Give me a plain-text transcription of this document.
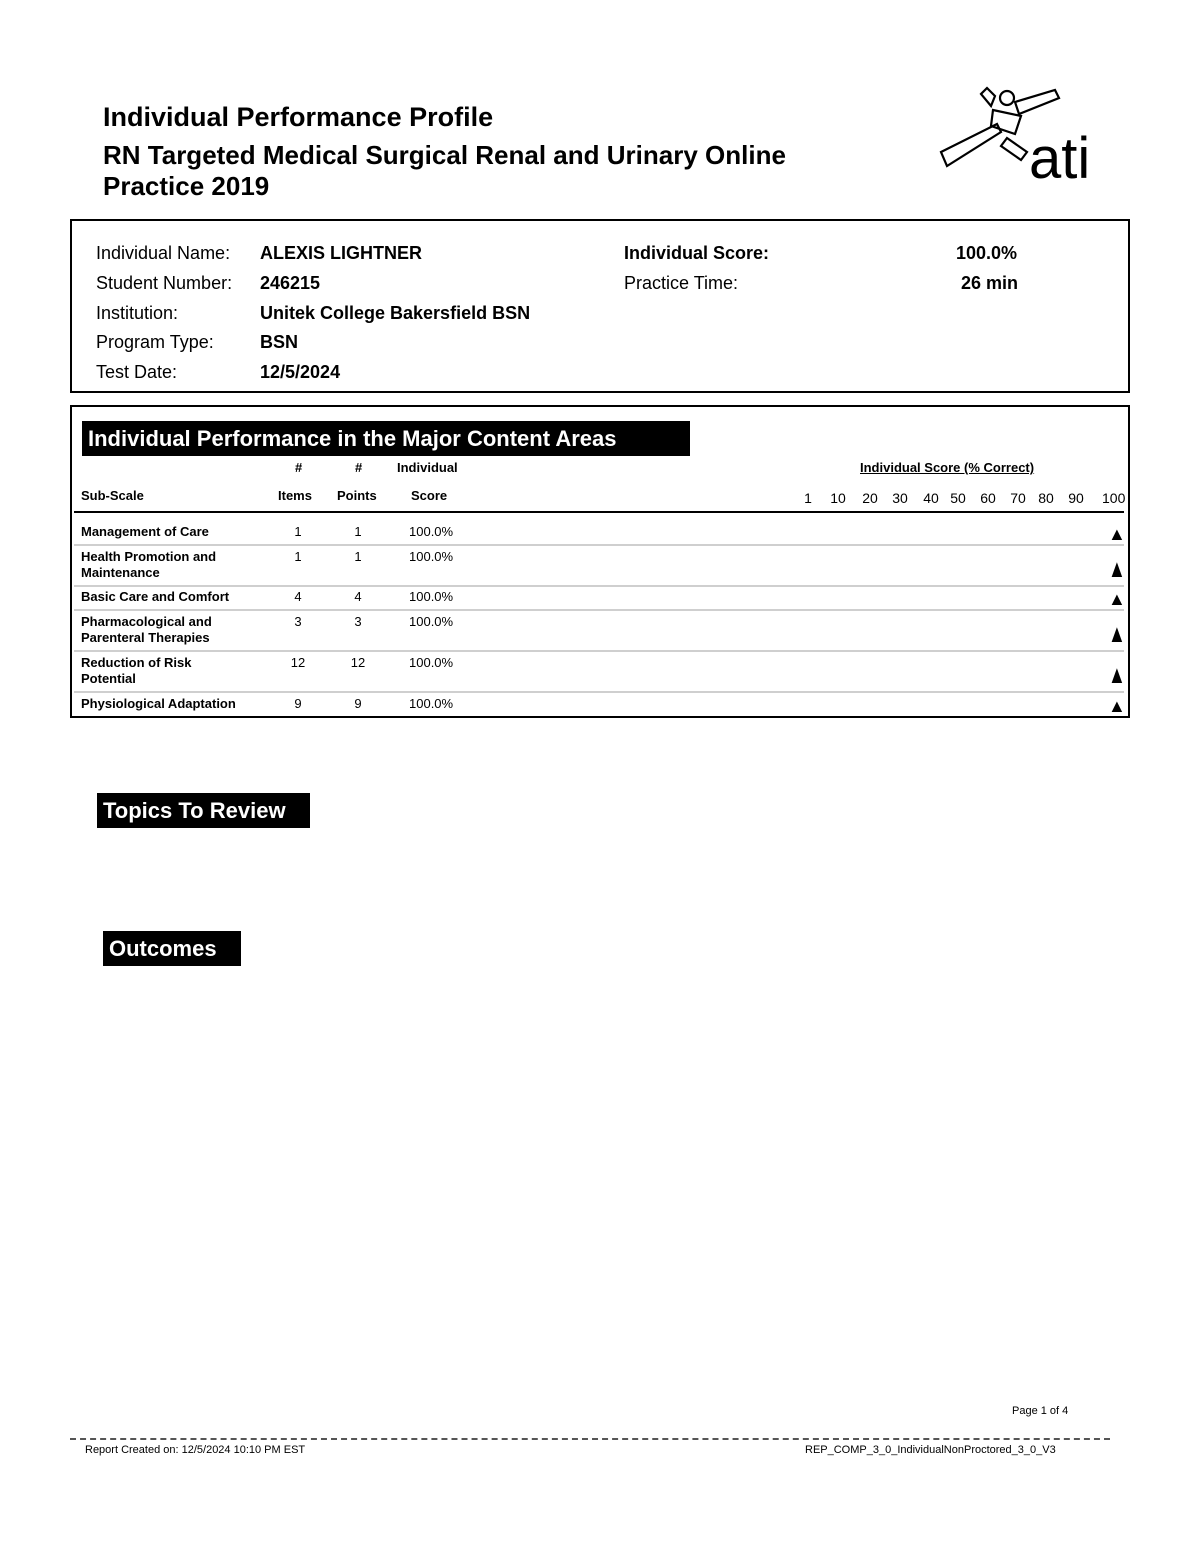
Individual Performance Profile
RN Targeted Medical Surgical Renal and Urinary Online Practice 2019	ati
Individual Name: ALEXIS LIGHTNER
Student Number: 246215
Institution:	Unitek College Bakersfield BSN
Program Type:	BSN
Test Date:	12/5/2024
Individual Score:	100.0%
Practice Time:	26 min
Individual Performance in the Major Content Areas
#	#	Individual
Sub-Scale	Items Points	Score
Individual Score (% Correct)
1 10 20 30 40 50 60 70 80 90 100
Management of Care	1	1	100.0%	▲
Health Promotion and
Maintenance
1	1	100.0%	▲
Basic Care and Comfort	4	4	100.0%	▲
Pharmacological and
Parenteral Therapies
3	3	100.0%	▲
Reduction of Risk
Potential
12	12	100.0%	▲
Physiological Adaptation	9	9	100.0%	▲
Topics To Review
Outcomes
Page 1 of 4
Report Created on: 12/5/2024 10:10 PM EST	REP_COMP_3_0_IndividualNonProctored_3_0_V3
